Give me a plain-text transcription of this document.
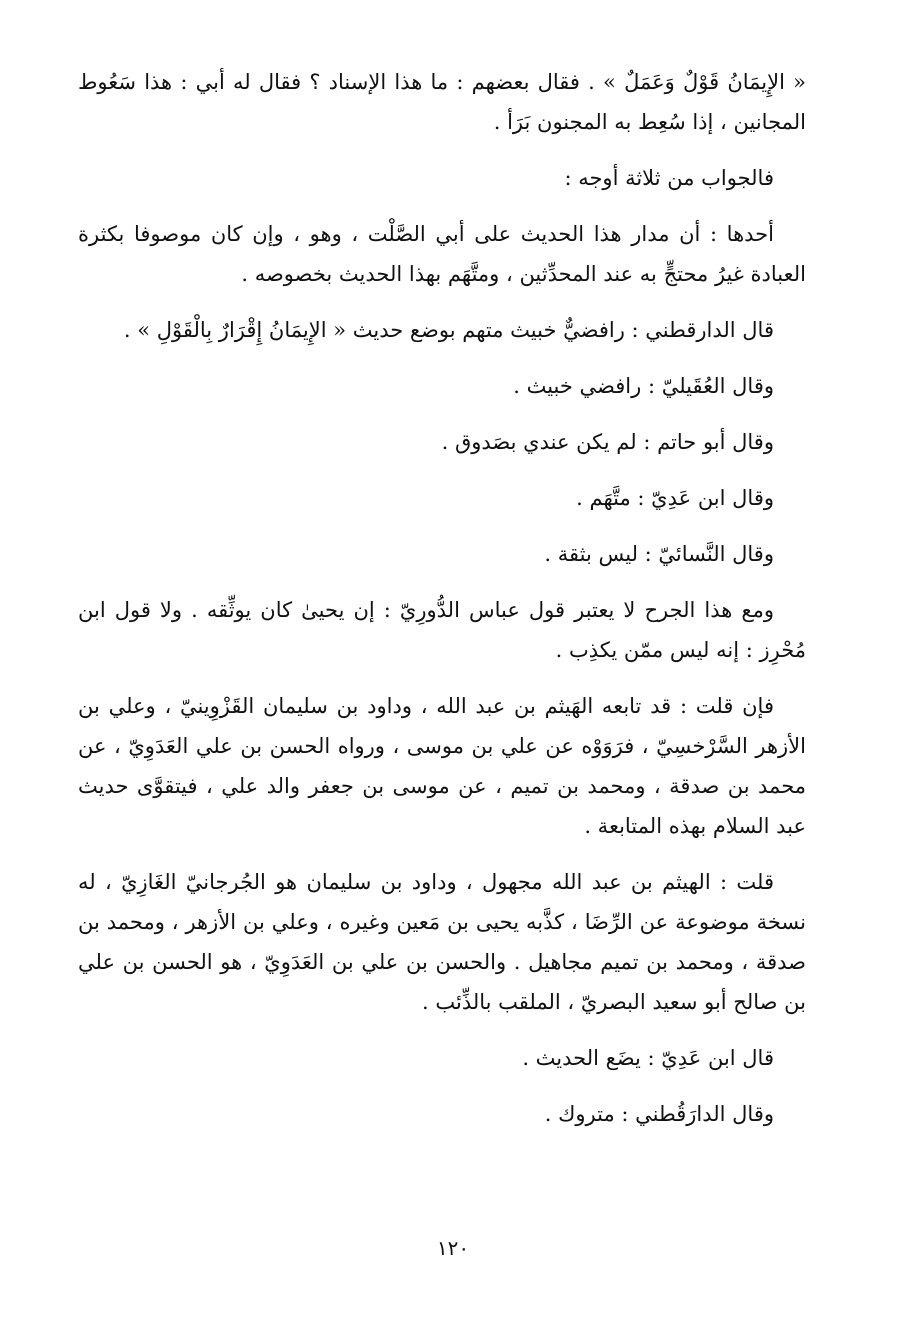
« الإِيمَانُ قَوْلٌ وَعَمَلٌ » . فقال بعضهم : ما هذا الإسناد ؟ فقال له أبي : هذا سَعُوط المجانين ، إذا سُعِط به المجنون بَرَأ .

فالجواب من ثلاثة أوجه :

أحدها : أن مدار هذا الحديث على أبي الصَّلْت ، وهو ، وإن كان موصوفا بكثرة العبادة غيرُ محتجٍّ به عند المحدِّثين ، ومتَّهَم بهذا الحديث بخصوصه .

قال الدارقطني : رافضيٌّ خبيث متهم بوضع حديث « الإِيمَانُ إِقْرَارٌ بِالْقَوْلِ » .

وقال العُقَيليّ : رافضي خبيث .

وقال أبو حاتم : لم يكن عندي بصَدوق .

وقال ابن عَدِيّ : متَّهَم .

وقال النَّسائيّ : ليس بثقة .

ومع هذا الجرح لا يعتبر قول عباس الدُّورِيّ : إن يحيىٰ كان يوثِّقه . ولا قول ابن مُحْرِز : إنه ليس ممّن يكذِب .

فإن قلت : قد تابعه الهَيثم بن عبد الله ، وداود بن سليمان القَزْوِينيّ ، وعلي بن الأزهر السَّرْخسِيّ ، فرَوَوْه عن علي بن موسى ، ورواه الحسن بن علي العَدَوِيّ ، عن محمد بن صدقة ، ومحمد بن تميم ، عن موسى بن جعفر والد علي ، فيتقوَّى حديث عبد السلام بهذه المتابعة .

قلت : الهيثم بن عبد الله مجهول ، وداود بن سليمان هو الجُرجانيّ الغَازِيّ ، له نسخة موضوعة عن الرِّضَا ، كذَّبه يحيى بن مَعين وغيره ، وعلي بن الأزهر ، ومحمد بن صدقة ، ومحمد بن تميم مجاهيل . والحسن بن علي بن العَدَوِيّ ، هو الحسن بن علي بن صالح أبو سعيد البصريّ ، الملقب بالذِّئب .

قال ابن عَدِيّ : يضَع الحديث .

وقال الدارَقُطني : متروك .

١٢٠
